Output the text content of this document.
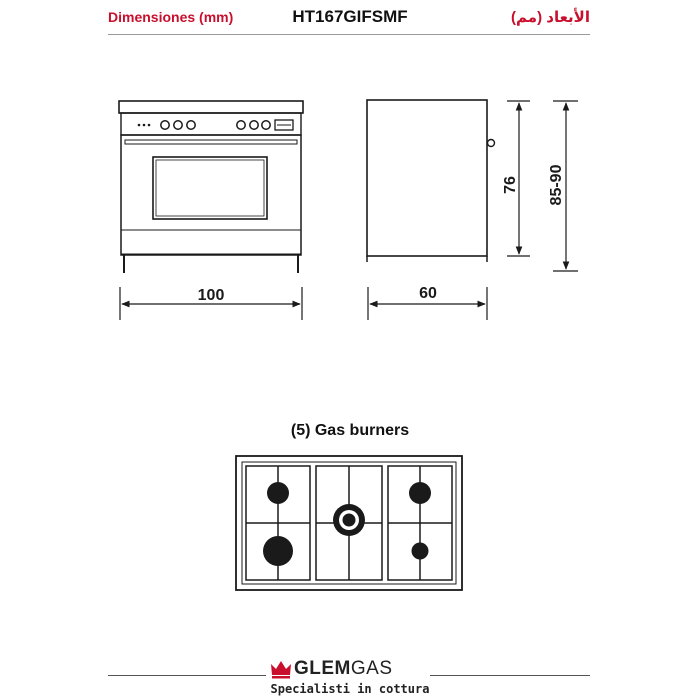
Dimensiones (mm)	HT167GIFSMF	الأبعاد (مم)
100	60
76 85-90
(5) Gas burners
GLEMGAS
Specialisti in cottura
